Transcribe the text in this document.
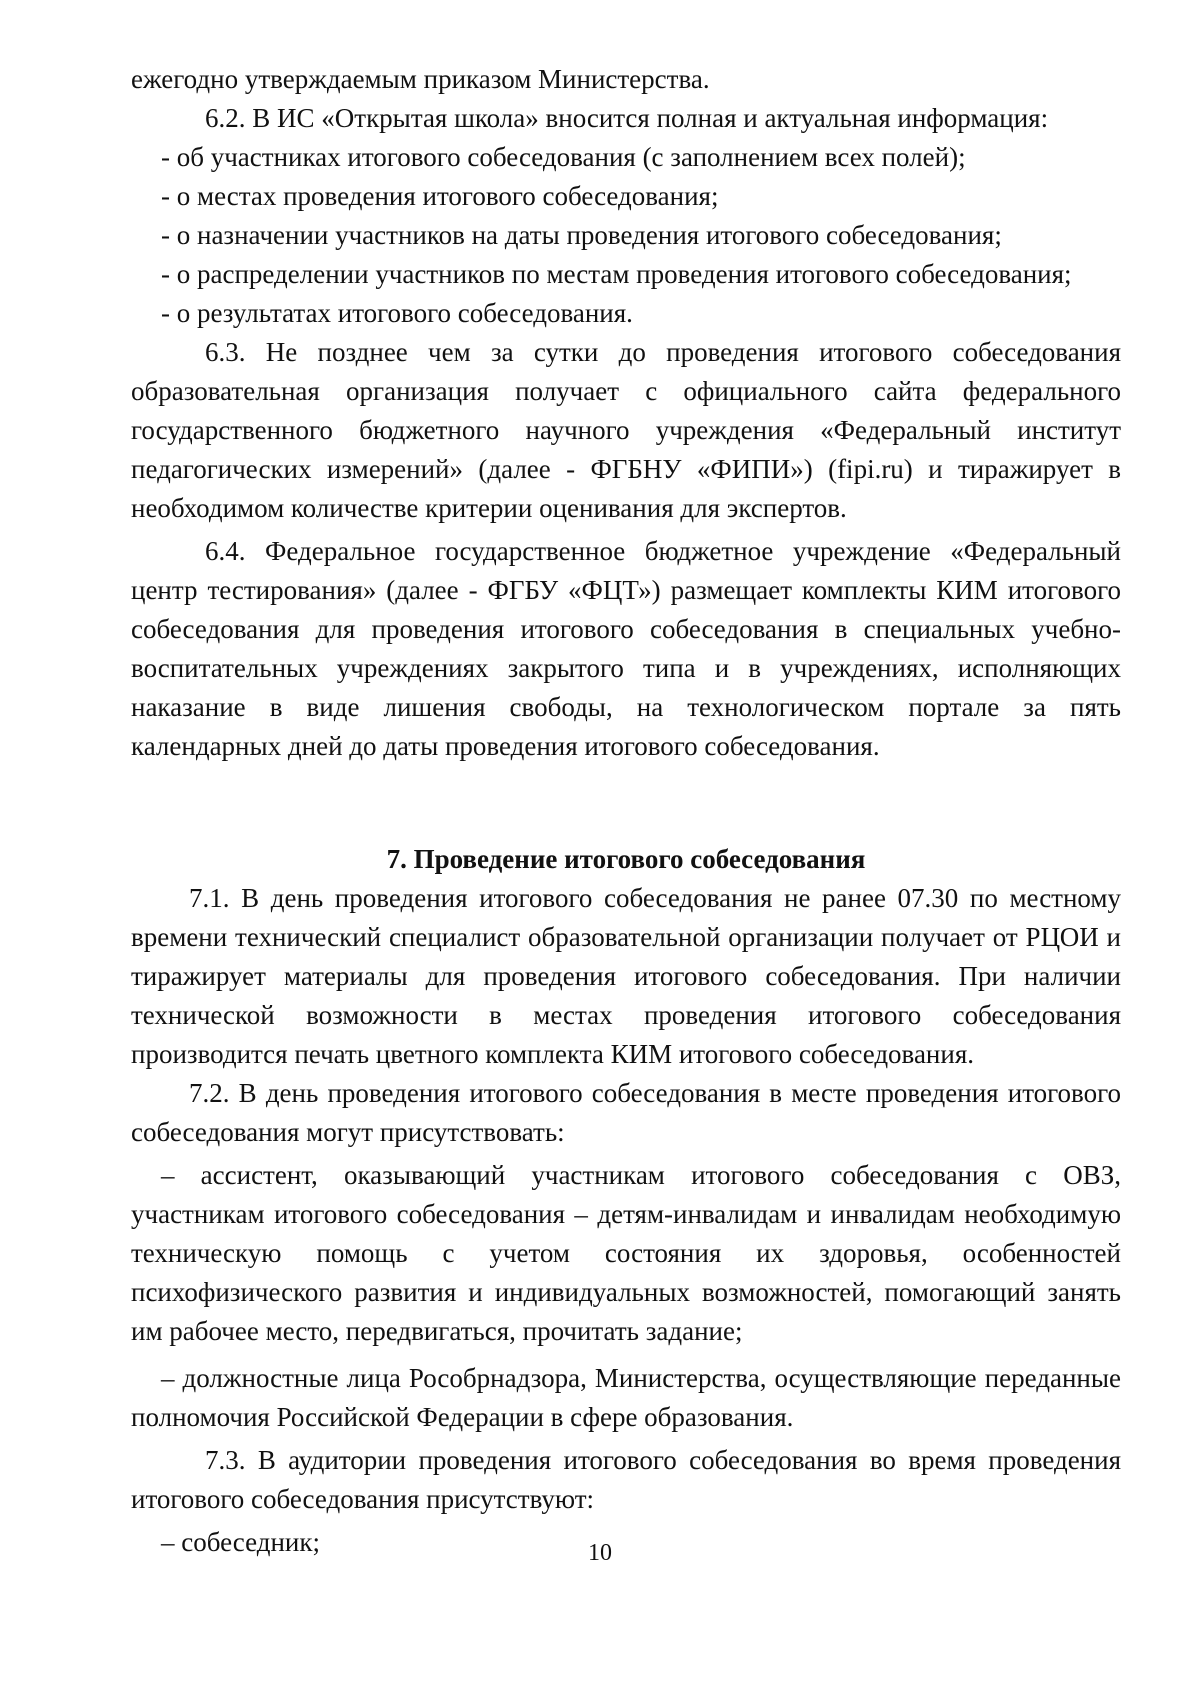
ежегодно утверждаемым приказом Министерства.

6.2. В ИС «Открытая школа» вносится полная и актуальная информация:

- об участниках итогового собеседования (с заполнением всех полей);

- о местах проведения итогового собеседования;

- о назначении участников на даты проведения итогового собеседования;

- о распределении участников по местам проведения итогового собеседования;

- о результатах итогового собеседования.

6.3. Не позднее чем за сутки до проведения итогового собеседования образовательная организация получает с официального сайта федерального государственного бюджетного научного учреждения «Федеральный институт педагогических измерений» (далее - ФГБНУ «ФИПИ») (fipi.ru) и тиражирует в необходимом количестве критерии оценивания для экспертов.

6.4. Федеральное государственное бюджетное учреждение «Федеральный центр тестирования» (далее - ФГБУ «ФЦТ») размещает комплекты КИМ итогового собеседования для проведения итогового собеседования в специальных учебно-воспитательных учреждениях закрытого типа и в учреждениях, исполняющих наказание в виде лишения свободы, на технологическом портале за пять календарных дней до даты проведения итогового собеседования.

7. Проведение итогового собеседования

7.1. В день проведения итогового собеседования не ранее 07.30 по местному времени технический специалист образовательной организации получает от РЦОИ и тиражирует материалы для проведения итогового собеседования. При наличии технической возможности в местах проведения итогового собеседования производится печать цветного комплекта КИМ итогового собеседования.

7.2. В день проведения итогового собеседования в месте проведения итогового собеседования могут присутствовать:

– ассистент, оказывающий участникам итогового собеседования с ОВЗ, участникам итогового собеседования – детям-инвалидам и инвалидам необходимую техническую помощь с учетом состояния их здоровья, особенностей психофизического развития и индивидуальных возможностей, помогающий занять им рабочее место, передвигаться, прочитать задание;

– должностные лица Рособрнадзора, Министерства, осуществляющие переданные полномочия Российской Федерации в сфере образования.

7.3. В аудитории проведения итогового собеседования во время проведения итогового собеседования присутствуют:

– собеседник;	10
